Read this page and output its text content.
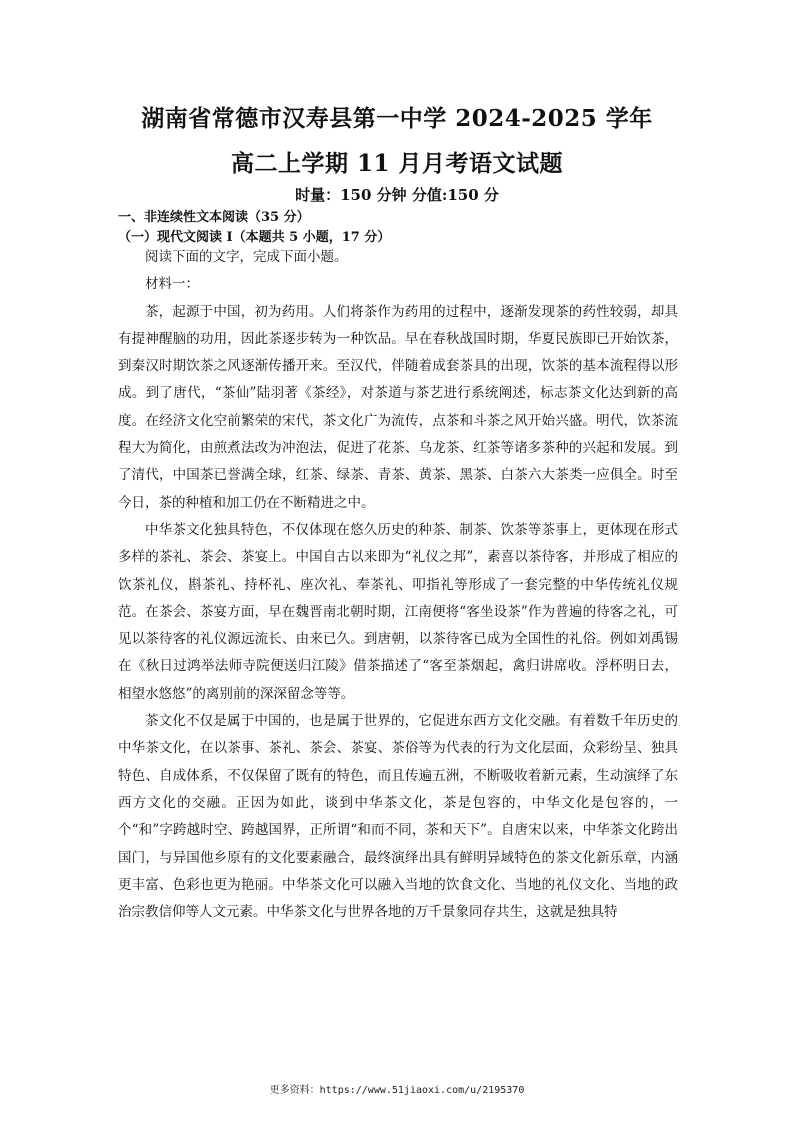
湖南省常德市汉寿县第一中学 2024-2025 学年
高二上学期 11 月月考语文试题
时量：150 分钟 分值:150 分
一、非连续性文本阅读（35 分）
（一）现代文阅读 I（本题共 5 小题，17 分）

阅读下面的文字，完成下面小题。

材料一：

茶，起源于中国，初为药用。人们将茶作为药用的过程中，逐渐发现茶的药性较弱，却具有提神醒脑的功用，因此茶逐步转为一种饮品。早在春秋战国时期，华夏民族即已开始饮茶，到秦汉时期饮茶之风逐渐传播开来。至汉代，伴随着成套茶具的出现，饮茶的基本流程得以形成。到了唐代，“茶仙”陆羽著《茶经》，对茶道与茶艺进行系统阐述，标志茶文化达到新的高度。在经济文化空前繁荣的宋代，茶文化广为流传，点茶和斗茶之风开始兴盛。明代，饮茶流程大为简化，由煎煮法改为冲泡法，促进了花茶、乌龙茶、红茶等诸多茶种的兴起和发展。到了清代，中国茶已誉满全球，红茶、绿茶、青茶、黄茶、黑茶、白茶六大茶类一应俱全。时至今日，茶的种植和加工仍在不断精进之中。

中华茶文化独具特色，不仅体现在悠久历史的种茶、制茶、饮茶等茶事上，更体现在形式多样的茶礼、茶会、茶宴上。中国自古以来即为“礼仪之邦”，素喜以茶待客，并形成了相应的饮茶礼仪，斟茶礼、持杯礼、座次礼、奉茶礼、叩指礼等形成了一套完整的中华传统礼仪规范。在茶会、茶宴方面，早在魏晋南北朝时期，江南便将“客坐设茶”作为普遍的待客之礼，可见以茶待客的礼仪源远流长、由来已久。到唐朝，以茶待客已成为全国性的礼俗。例如刘禹锡在《秋日过鸿举法师寺院便送归江陵》借茶描述了“客至茶烟起，禽归讲席收。浮杯明日去，相望水悠悠”的离别前的深深留念等等。

茶文化不仅是属于中国的，也是属于世界的，它促进东西方文化交融。有着数千年历史的中华茶文化，在以茶事、茶礼、茶会、茶宴、茶俗等为代表的行为文化层面，众彩纷呈、独具特色、自成体系，不仅保留了既有的特色，而且传遍五洲，不断吸收着新元素，生动演绎了东西方文化的交融。正因为如此，谈到中华茶文化，茶是包容的，中华文化是包容的，一个“和”字跨越时空、跨越国界，正所谓“和而不同，茶和天下”。自唐宋以来，中华茶文化跨出国门，与异国他乡原有的文化要素融合，最终演绎出具有鲜明异域特色的茶文化新乐章，内涵更丰富、色彩也更为艳丽。中华茶文化可以融入当地的饮食文化、当地的礼仪文化、当地的政治宗教信仰等人文元素。中华茶文化与世界各地的万千景象同存共生，这就是独具特

更多资料：https://www.51jiaoxi.com/u/2195370
